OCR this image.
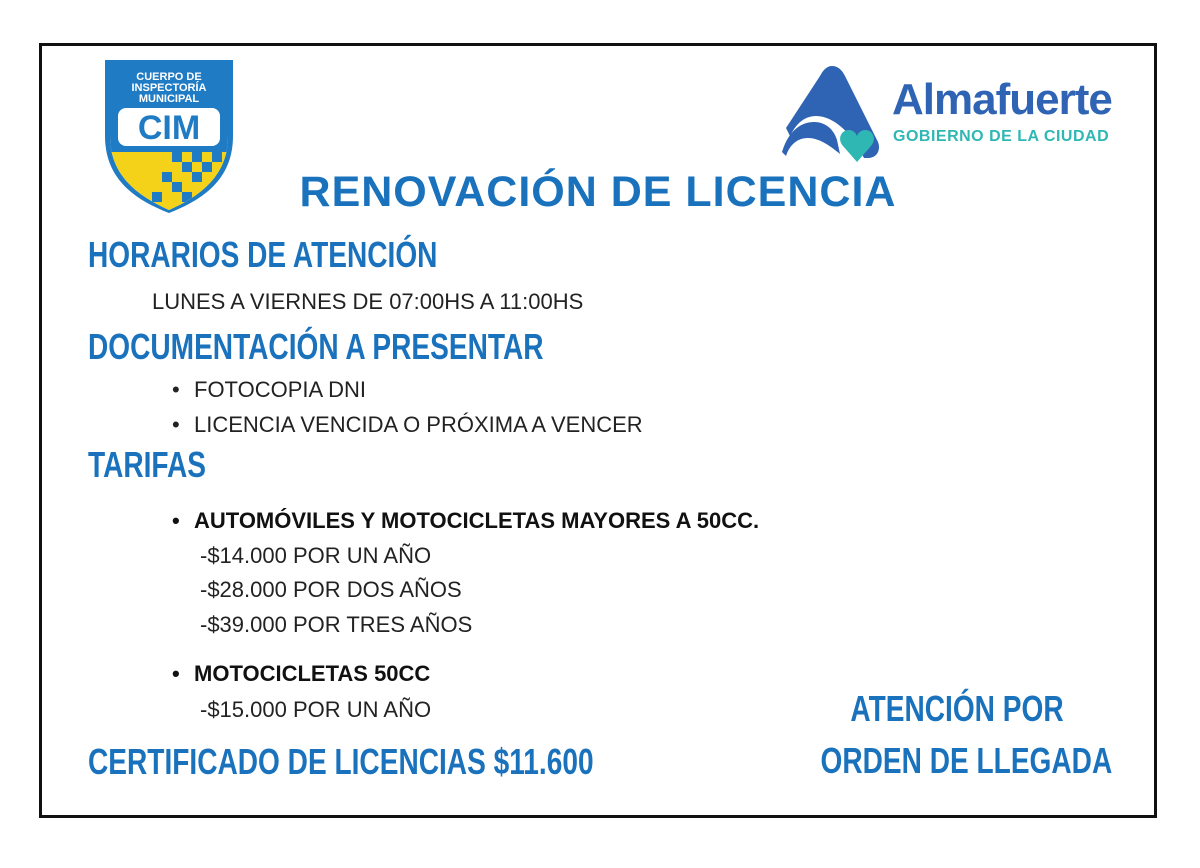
CUERPO DE
INSPECTORÍA
MUNICIPAL
CIM
Almafuerte
GOBIERNO DE LA CIUDAD
RENOVACIÓN DE LICENCIA
HORARIOS DE ATENCIÓN
LUNES A VIERNES DE 07:00HS A 11:00HS
DOCUMENTACIÓN A PRESENTAR
• FOTOCOPIA DNI
• LICENCIA VENCIDA O PRÓXIMA A VENCER
TARIFAS
• AUTOMÓVILES Y MOTOCICLETAS MAYORES A 50CC.
-$14.000 POR UN AÑO
-$28.000 POR DOS AÑOS
-$39.000 POR TRES AÑOS
• MOTOCICLETAS 50CC
-$15.000 POR UN AÑO
CERTIFICADO DE LICENCIAS $11.600
ATENCIÓN POR
ORDEN DE LLEGADA
